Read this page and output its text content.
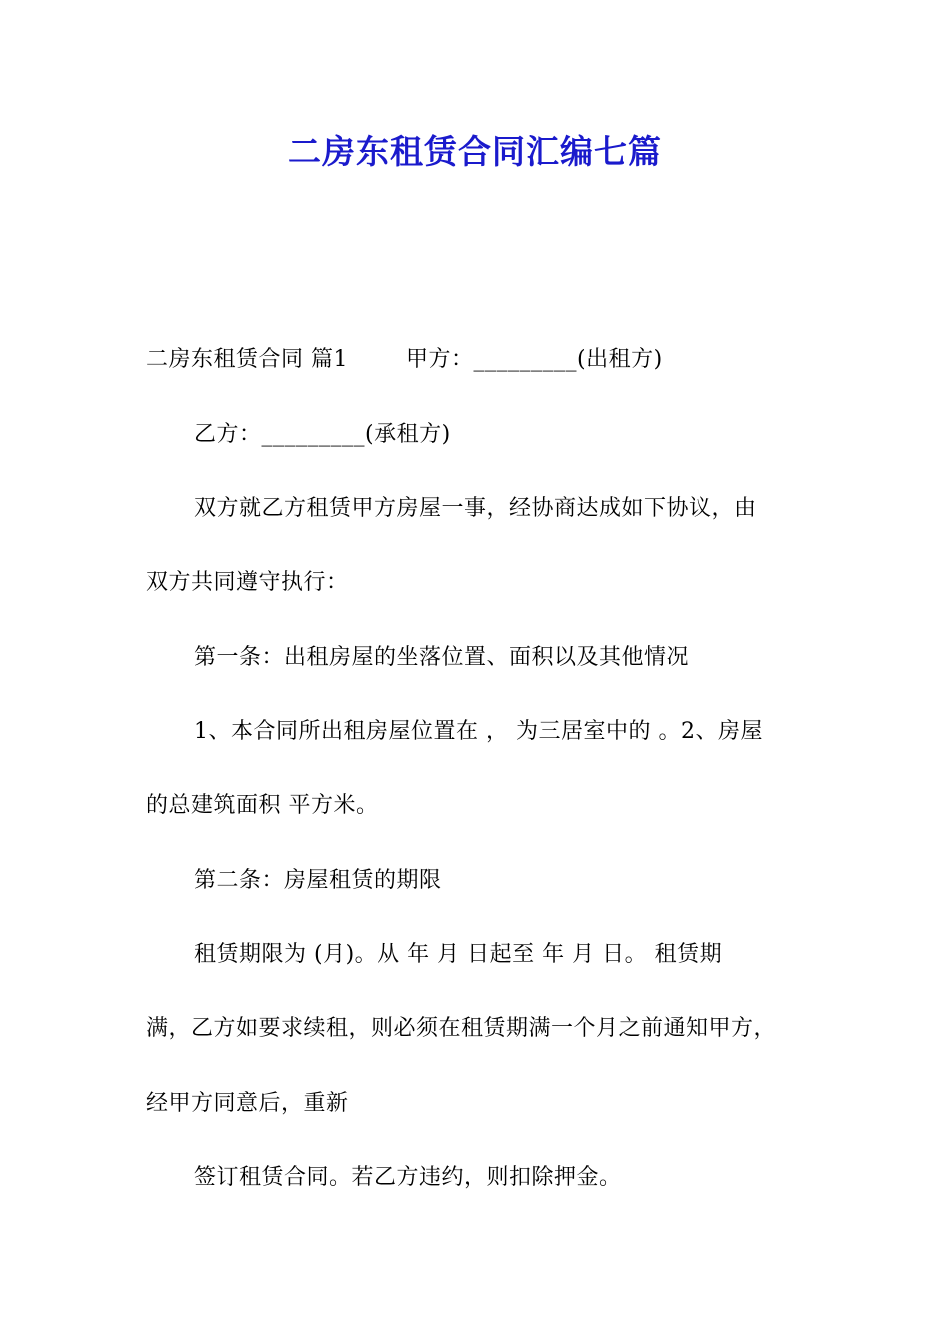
二房东租赁合同汇编七篇
二房东租赁合同 篇1	甲方：_________(出租方)
乙方：_________(承租方)
双方就乙方租赁甲方房屋一事，经协商达成如下协议，由
双方共同遵守执行：
第一条：出租房屋的坐落位置、面积以及其他情况
1、本合同所出租房屋位置在 ， 为三居室中的 。2、房屋
的总建筑面积 平方米。
第二条：房屋租赁的期限
租赁期限为 (月)。从 年 月 日起至 年 月 日。 租赁期
满，乙方如要求续租，则必须在租赁期满一个月之前通知甲方，
经甲方同意后，重新
签订租赁合同。若乙方违约，则扣除押金。
